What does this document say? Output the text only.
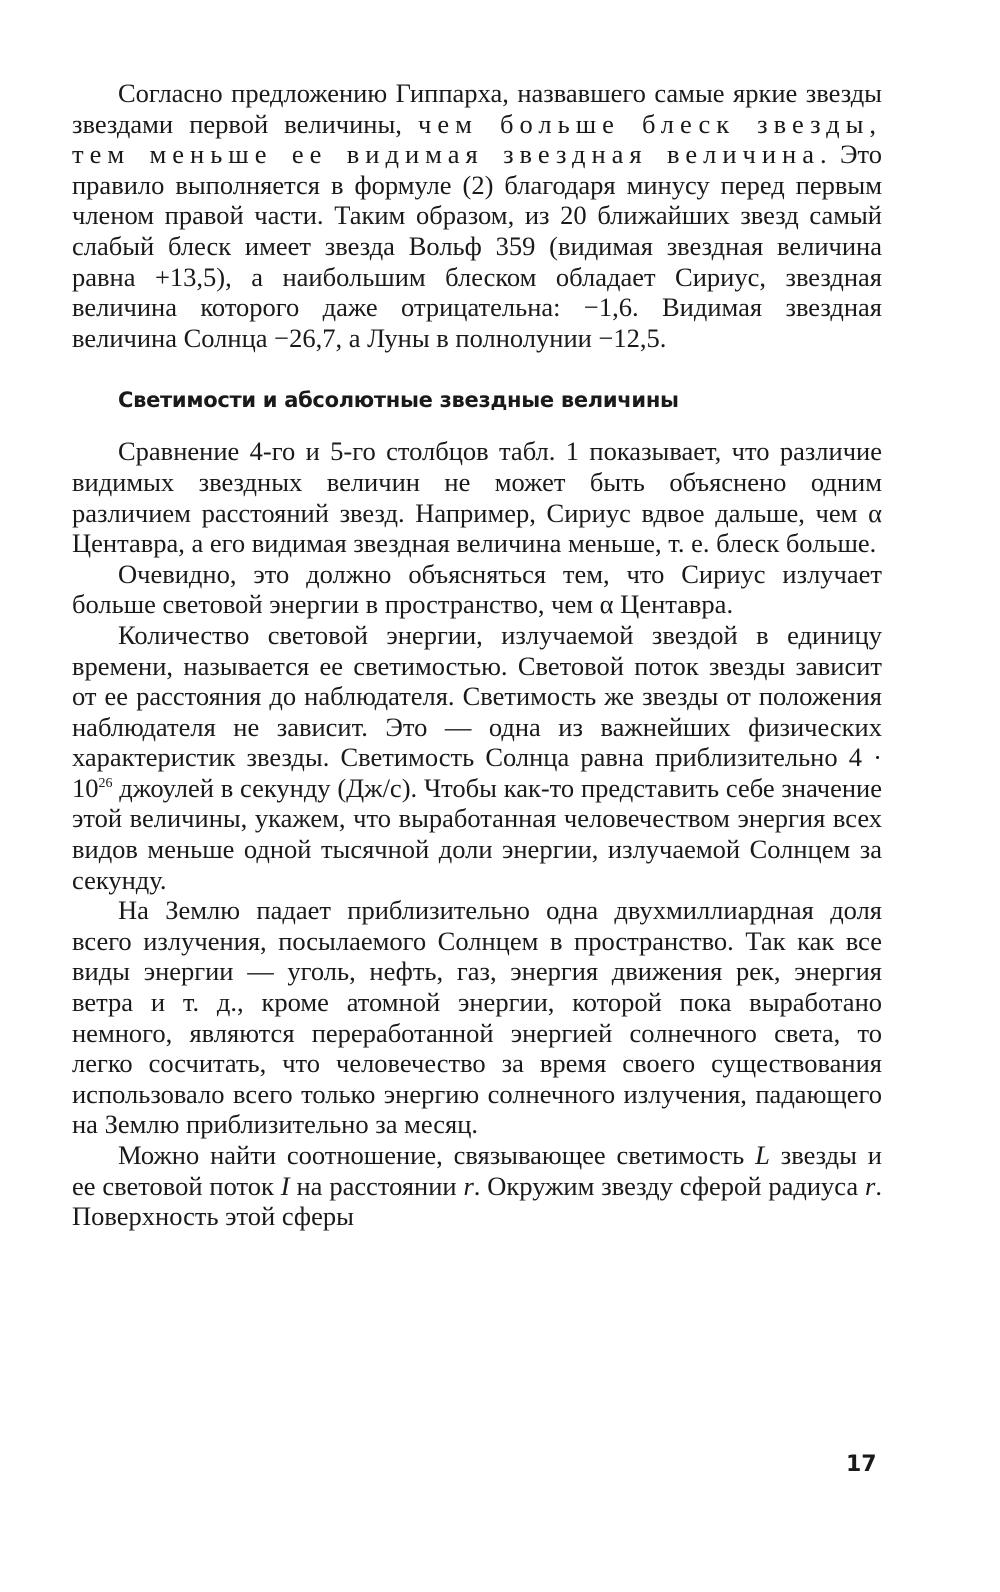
Согласно предложению Гиппарха, назвавшего самые яркие звезды звездами первой величины, чем больше блеск звезды, тем меньше ее видимая звездная величина. Это правило выполняется в формуле (2) благодаря минусу перед первым членом правой части. Таким образом, из 20 ближайших звезд самый слабый блеск имеет звезда Вольф 359 (видимая звездная величина равна +13,5), а наибольшим блеском обладает Сириус, звездная величина которого даже отрицательна: −1,6. Видимая звездная величина Солнца −26,7, а Луны в полнолунии −12,5.

Светимости и абсолютные звездные величины

Сравнение 4-го и 5-го столбцов табл. 1 показывает, что различие видимых звездных величин не может быть объяснено одним различием расстояний звезд. Например, Сириус вдвое дальше, чем α Центавра, а его видимая звездная величина меньше, т. е. блеск больше.

Очевидно, это должно объясняться тем, что Сириус излучает больше световой энергии в пространство, чем α Центавра.

Количество световой энергии, излучаемой звездой в единицу времени, называется ее светимостью. Световой поток звезды зависит от ее расстояния до наблюдателя. Светимость же звезды от положения наблюдателя не зависит. Это — одна из важнейших физических характеристик звезды. Светимость Солнца равна приблизительно $4 \cdot 10^{26}$ джоулей в секунду (Дж/с). Чтобы как-то представить себе значение этой величины, укажем, что выработанная человечеством энергия всех видов меньше одной тысячной доли энергии, излучаемой Солнцем за секунду.

На Землю падает приблизительно одна двухмиллиардная доля всего излучения, посылаемого Солнцем в пространство. Так как все виды энергии — уголь, нефть, газ, энергия движения рек, энергия ветра и т. д., кроме атомной энергии, которой пока выработано немного, являются переработанной энергией солнечного света, то легко сосчитать, что человечество за время своего существования использовало всего только энергию солнечного излучения, падающего на Землю приблизительно за месяц.

Можно найти соотношение, связывающее светимость L звезды и ее световой поток I на расстоянии r. Окружим звезду сферой радиуса r. Поверхность этой сферы

17
